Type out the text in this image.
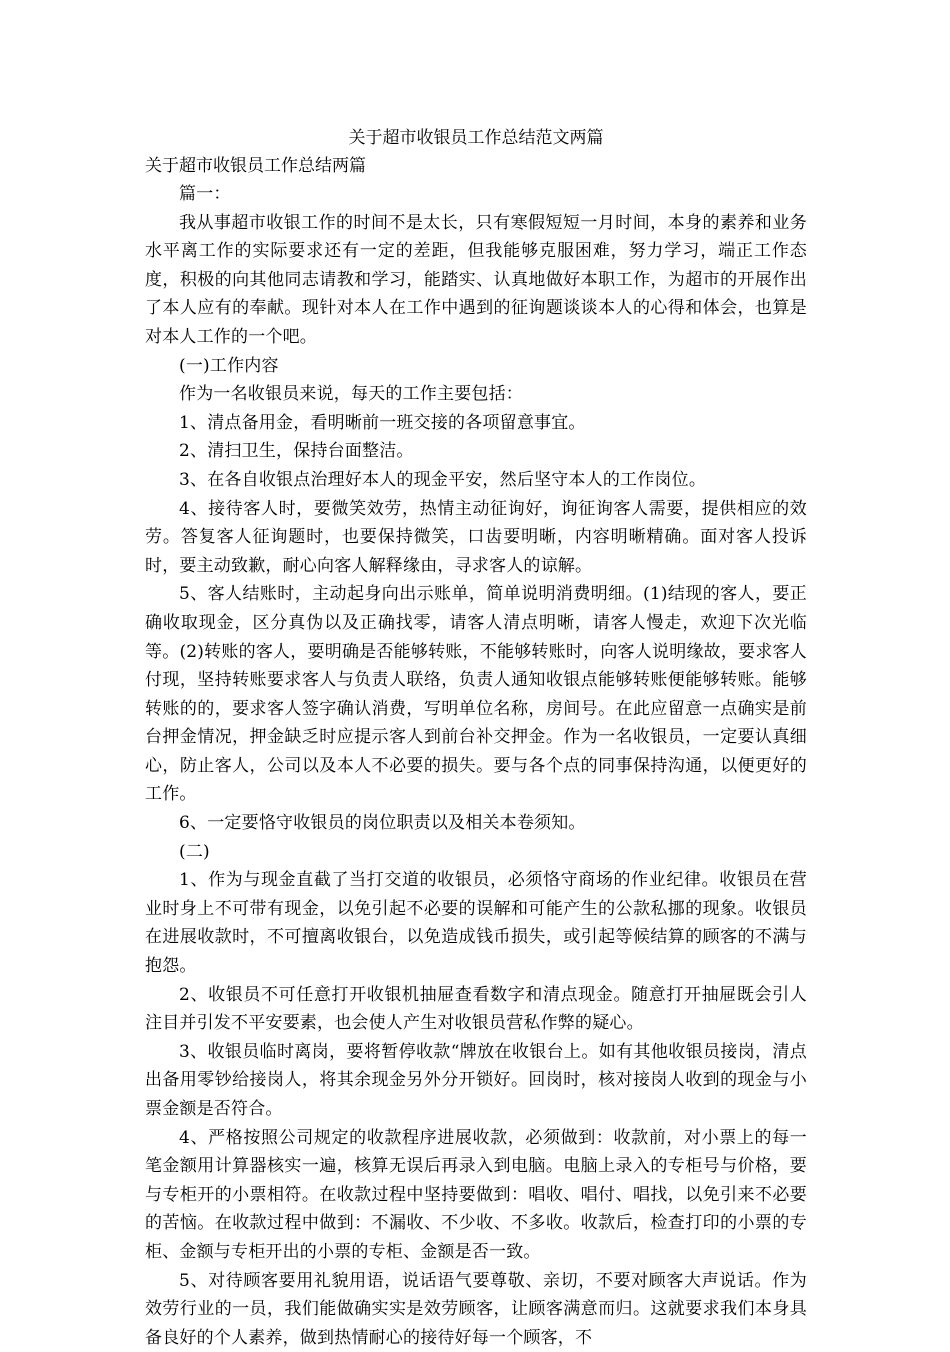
关于超市收银员工作总结范文两篇

关于超市收银员工作总结两篇

篇一：

我从事超市收银工作的时间不是太长，只有寒假短短一月时间，本身的素养和业务水平离工作的实际要求还有一定的差距，但我能够克服困难，努力学习，端正工作态度，积极的向其他同志请教和学习，能踏实、认真地做好本职工作，为超市的开展作出了本人应有的奉献。现针对本人在工作中遇到的征询题谈谈本人的心得和体会，也算是对本人工作的一个吧。

(一)工作内容

作为一名收银员来说，每天的工作主要包括：

1、清点备用金，看明晰前一班交接的各项留意事宜。

2、清扫卫生，保持台面整洁。

3、在各自收银点治理好本人的现金平安，然后坚守本人的工作岗位。

4、接待客人时，要微笑效劳，热情主动征询好，询征询客人需要，提供相应的效劳。答复客人征询题时，也要保持微笑，口齿要明晰，内容明晰精确。面对客人投诉时，要主动致歉，耐心向客人解释缘由，寻求客人的谅解。

5、客人结账时，主动起身向出示账单，简单说明消费明细。(1)结现的客人，要正确收取现金，区分真伪以及正确找零，请客人清点明晰，请客人慢走，欢迎下次光临等。(2)转账的客人，要明确是否能够转账，不能够转账时，向客人说明缘故，要求客人付现，坚持转账要求客人与负责人联络，负责人通知收银点能够转账便能够转账。能够转账的的，要求客人签字确认消费，写明单位名称，房间号。在此应留意一点确实是前台押金情况，押金缺乏时应提示客人到前台补交押金。作为一名收银员，一定要认真细心，防止客人，公司以及本人不必要的损失。要与各个点的同事保持沟通，以便更好的工作。

6、一定要恪守收银员的岗位职责以及相关本卷须知。

(二)

1、作为与现金直截了当打交道的收银员，必须恪守商场的作业纪律。收银员在营业时身上不可带有现金，以免引起不必要的误解和可能产生的公款私挪的现象。收银员在进展收款时，不可擅离收银台，以免造成钱币损失，或引起等候结算的顾客的不满与抱怨。

2、收银员不可任意打开收银机抽屉查看数字和清点现金。随意打开抽屉既会引人注目并引发不平安要素，也会使人产生对收银员营私作弊的疑心。

3、收银员临时离岗，要将暂停收款“牌放在收银台上。如有其他收银员接岗，清点出备用零钞给接岗人，将其余现金另外分开锁好。回岗时，核对接岗人收到的现金与小票金额是否符合。

4、严格按照公司规定的收款程序进展收款，必须做到：收款前，对小票上的每一笔金额用计算器核实一遍，核算无误后再录入到电脑。电脑上录入的专柜号与价格，要与专柜开的小票相符。在收款过程中坚持要做到：唱收、唱付、唱找，以免引来不必要的苦恼。在收款过程中做到：不漏收、不少收、不多收。收款后，检查打印的小票的专柜、金额与专柜开出的小票的专柜、金额是否一致。

5、对待顾客要用礼貌用语，说话语气要尊敬、亲切，不要对顾客大声说话。作为效劳行业的一员，我们能做确实实是效劳顾客，让顾客满意而归。这就要求我们本身具备良好的个人素养，做到热情耐心的接待好每一个顾客，不
